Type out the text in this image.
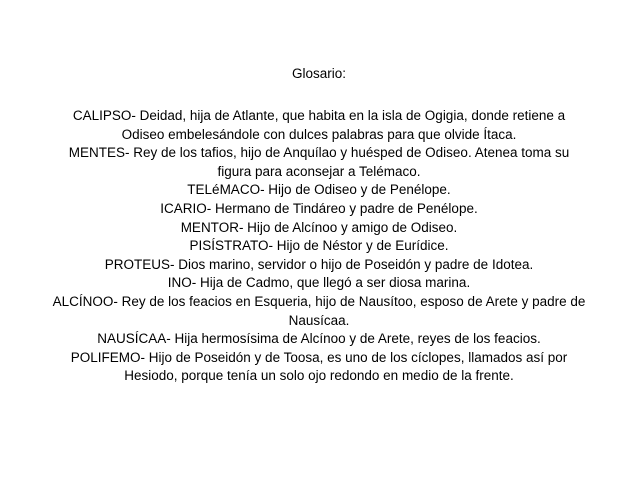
Glosario:
CALIPSO- Deidad, hija de Atlante, que habita en la isla de Ogigia, donde retiene a Odiseo embelesándole con dulces palabras para que olvide Ítaca.
MENTES- Rey de los tafios, hijo de Anquílao y huésped de Odiseo. Atenea toma su figura para aconsejar a Telémaco.
TELéMACO- Hijo de Odiseo y de Penélope.
ICARIO- Hermano de Tindáreo y padre de Penélope.
MENTOR- Hijo de Alcínoo y amigo de Odiseo.
PISÍSTRATO- Hijo de Néstor y de Eurídice.
PROTEUS- Dios marino, servidor o hijo de Poseidón y padre de Idotea.
INO- Hija de Cadmo, que llegó a ser diosa marina.
ALCÍNOO- Rey de los feacios en Esqueria, hijo de Nausítoo, esposo de Arete y padre de Nausícaa.
NAUSÍCAA- Hija hermosísima de Alcínoo y de Arete, reyes de los feacios.
POLIFEMO- Hijo de Poseidón y de Toosa, es uno de los cíclopes, llamados así por Hesiodo, porque tenía un solo ojo redondo en medio de la frente.
